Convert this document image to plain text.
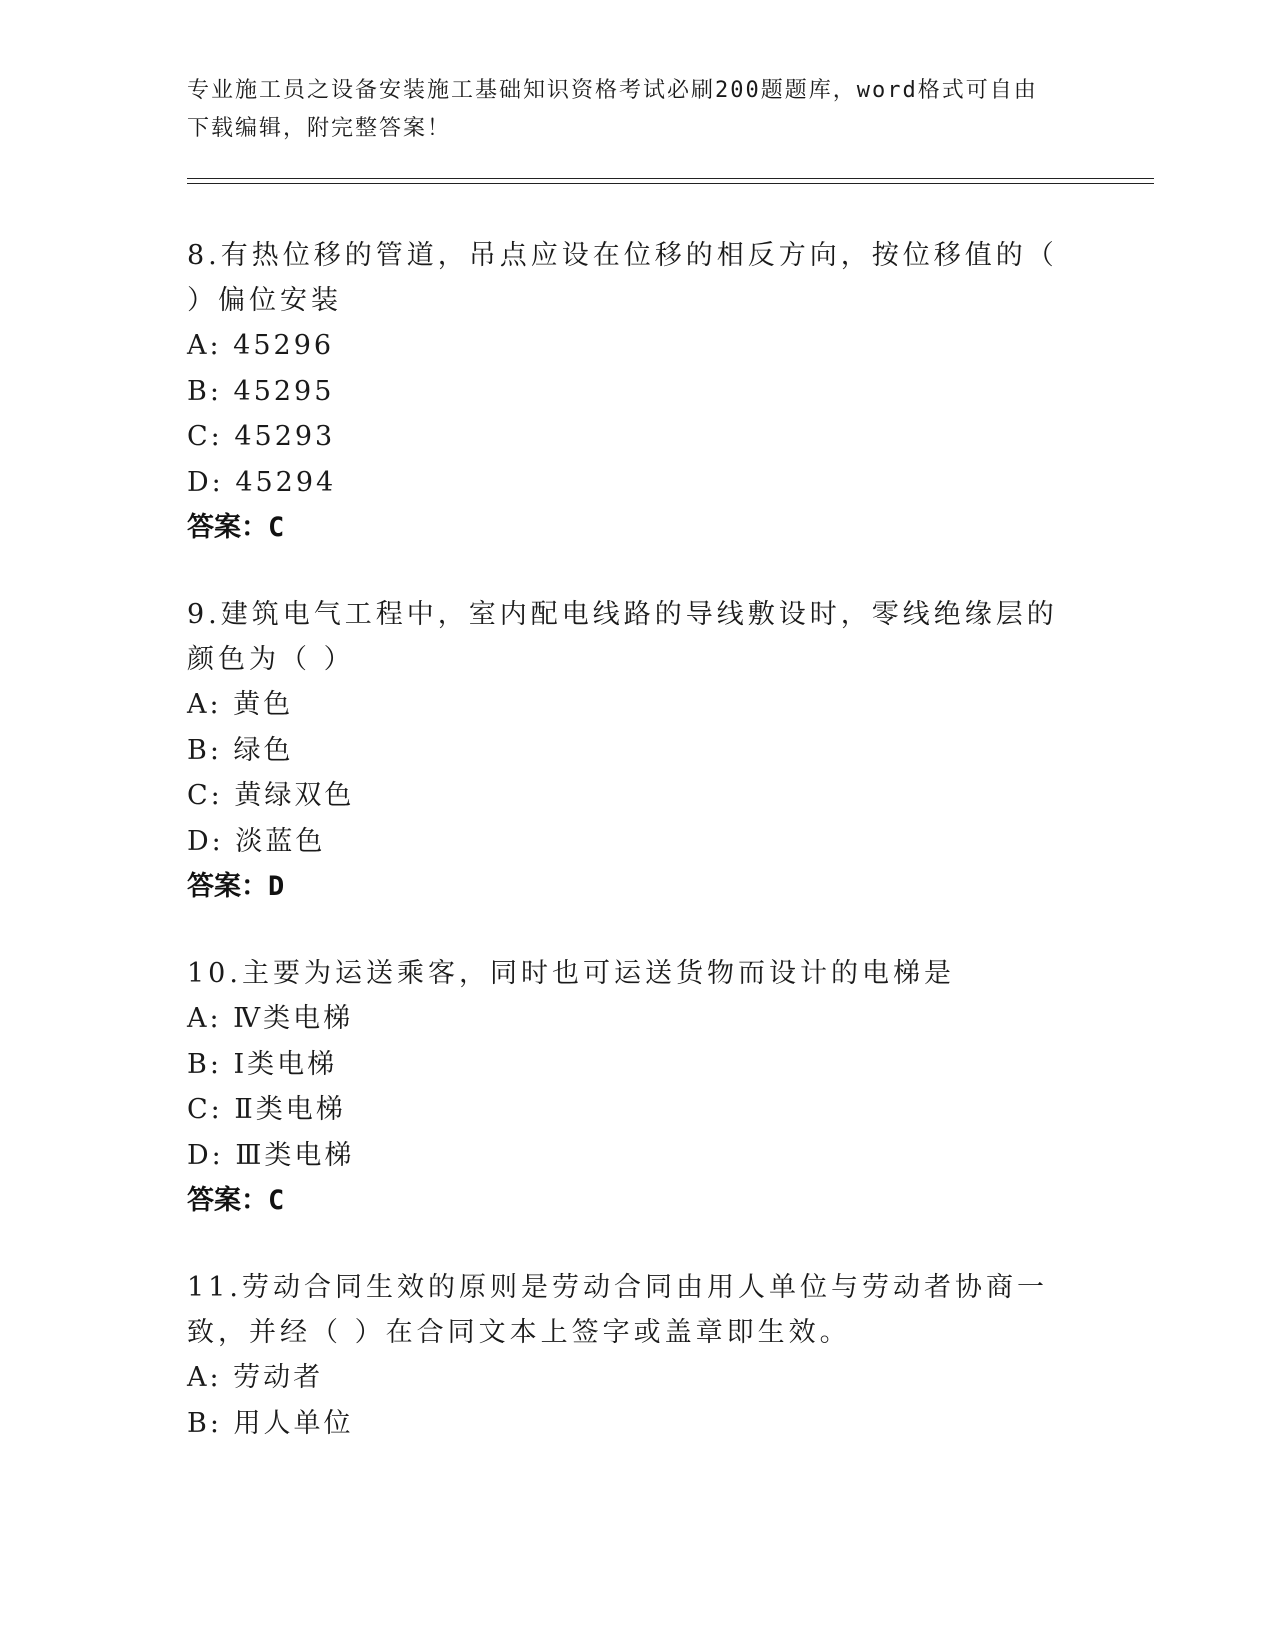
专业施工员之设备安装施工基础知识资格考试必刷200题题库，word格式可自由
下载编辑，附完整答案！
8.有热位移的管道，吊点应设在位移的相反方向，按位移值的（ ）偏位安装
A: 45296
B: 45295
C: 45293
D: 45294
答案：C
9.建筑电气工程中，室内配电线路的导线敷设时，零线绝缘层的颜色为（ ）
A: 黄色
B: 绿色
C: 黄绿双色
D: 淡蓝色
答案：D
10.主要为运送乘客，同时也可运送货物而设计的电梯是
A: Ⅳ类电梯
B: Ⅰ类电梯
C: Ⅱ类电梯
D: Ⅲ类电梯
答案：C
11.劳动合同生效的原则是劳动合同由用人单位与劳动者协商一致，并经（ ）在合同文本上签字或盖章即生效。
A: 劳动者
B: 用人单位
